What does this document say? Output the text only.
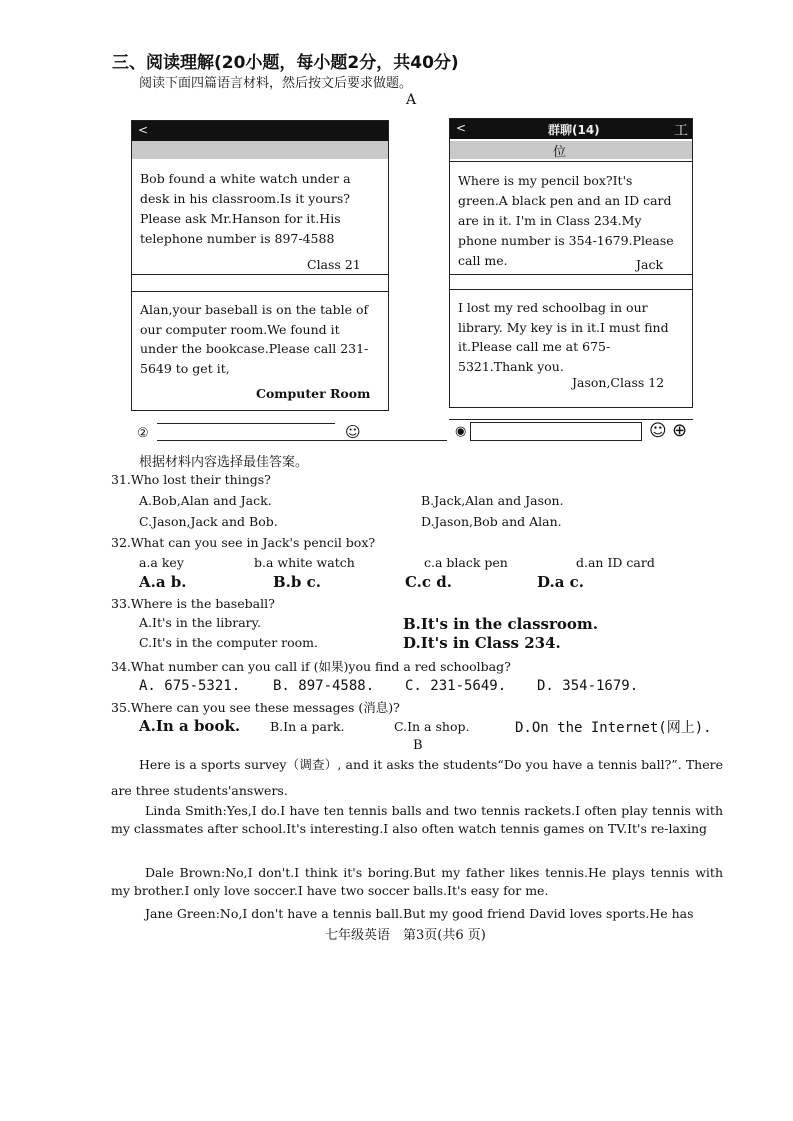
三、阅读理解(20小题，每小题2分，共40分)
阅读下面四篇语言材料，然后按文后要求做题。
A
<
Bob found a white watch under a desk in his classroom.Is it yours?Please ask Mr.Hanson for it.His telephone number is 897-4588
Class 21
Alan,your baseball is on the table of our computer room.We found it under the bookcase.Please call 231-5649 to get it,
Computer Room
②	☺
<	群聊(14)	工
位
Where is my pencil box?It's green.A black pen and an ID card are in it. I'm in Class 234.My phone number is 354-1679.Please call me.	Jack
I lost my red schoolbag in our library. My key is in it.I must find it.Please call me at 675-5321.Thank you.
Jason,Class 12
◉	☺ ⊕
根据材料内容选择最佳答案。
31.Who lost their things?
A.Bob,Alan and Jack.	B.Jack,Alan and Jason.
C.Jason,Jack and Bob.	D.Jason,Bob and Alan.
32.What can you see in Jack's pencil box?
a.a key	b.a white watch	c.a black pen	d.an ID card
A.a b.	B.b c.	C.c d.	D.a c.
33.Where is the baseball?
A.It's in the library.	B.It's in the classroom.
C.It's in the computer room.	D.It's in Class 234.
34.What number can you call if (如果)you find a red schoolbag?
A. 675-5321. B. 897-4588. C. 231-5649. D. 354-1679.
35.Where can you see these messages (消息)?
A.In a book. B.In a park.	C.In a shop.	D.On the Internet(网上).
B
Here is a sports survey（调查）, and it asks the students“Do you have a tennis ball?”. There are three students'answers.
Linda Smith:Yes,I do.I have ten tennis balls and two tennis rackets.I often play tennis with my classmates after school.It's interesting.I also often watch tennis games on TV.It's re-laxing
Dale Brown:No,I don't.I think it's boring.But my father likes tennis.He plays tennis with my brother.I only love soccer.I have two soccer balls.It's easy for me.
Jane Green:No,I don't have a tennis ball.But my good friend David loves sports.He has
七年级英语　第3页(共6 页)
